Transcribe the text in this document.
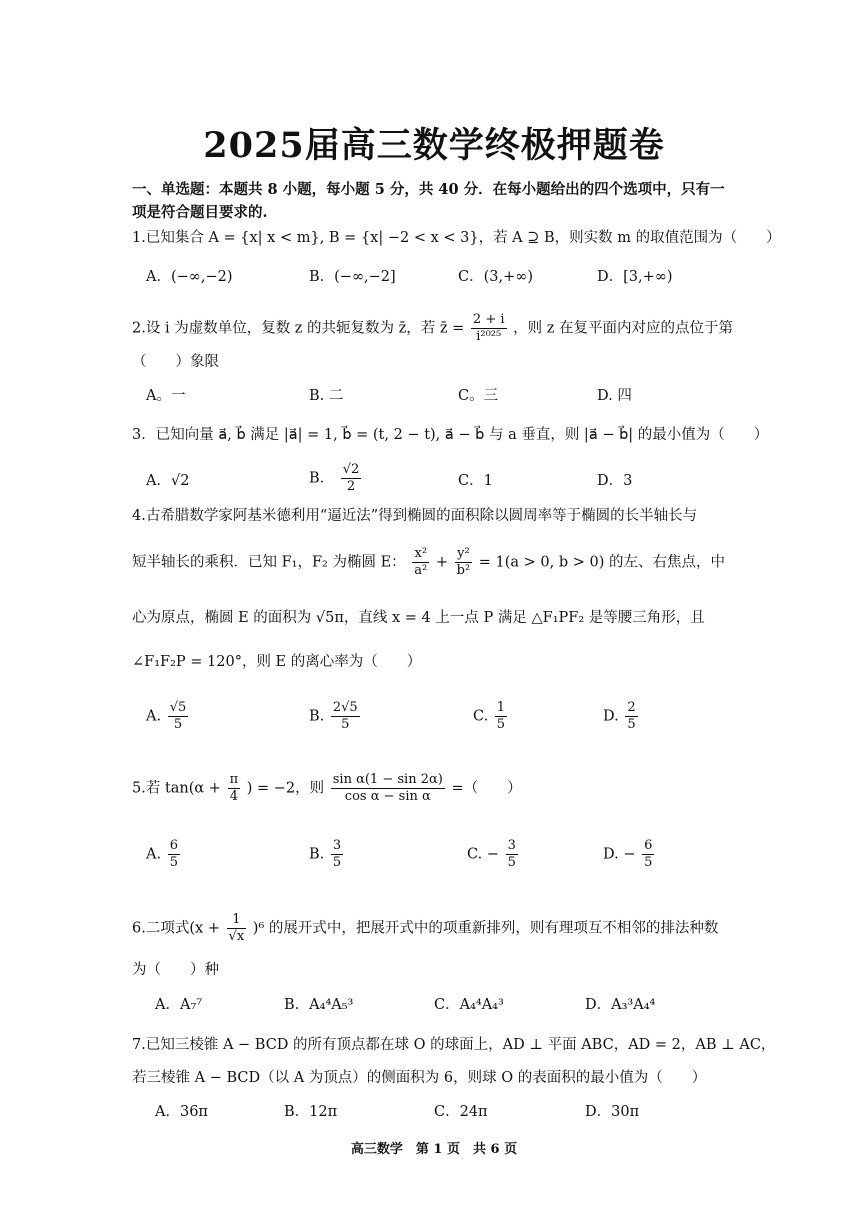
2025届高三数学终极押题卷
一、单选题：本题共 8 小题，每小题 5 分，共 40 分．在每小题给出的四个选项中，只有一
项是符合题目要求的.
1.已知集合 A = {x| x < m}, B = {x| −2 < x < 3}，若 A ⊇ B，则实数 m 的取值范围为（　　）
A．(−∞,−2)	B．(−∞,−2]	C．(3,+∞)	D．[3,+∞)
2.设 i 为虚数单位，复数 z 的共轭复数为 z̄，若 z̄ = $\frac{2 + i}{\text{i²⁰²⁵}}$ ，则 z 在复平面内对应的点位于第
（　　）象限
A。一	B. 二	C。三	D. 四
3．已知向量 a⃗, b⃗ 满足 |a⃗| = 1, b⃗ = (t, 2 − t), a⃗ − b⃗ 与 a 垂直，则 |a⃗ − b⃗| 的最小值为（　　）
A．√2	B． $\frac{√2}{2}$	C．1	D．3
4.古希腊数学家阿基米德利用“逼近法”得到椭圆的面积除以圆周率等于椭圆的长半轴长与
短半轴长的乘积．已知 F₁，F₂ 为椭圆 E： $\frac{\text{x²}}{\text{a²}} + \frac{\text{y²}}{\text{b²}} = 1(a > 0$, b > 0) 的左、右焦点，中
心为原点，椭圆 E 的面积为 √5π，直线 x = 4 上一点 P 满足 △F₁PF₂ 是等腰三角形，且
∠F₁F₂P = 120°，则 E 的离心率为（　　）
A. $\frac{√5}{5}$	B. $\frac{2√5}{5}$	C. $\frac{1}{5}$	D. $\frac{2}{5}$
5.若 $\tan(\alpha + \frac{\pi}{4}$ ) = −2，则 $\frac{\text{sin α(1 − sin 2α)}}{\text{cos α − sin α}}$ =（　　）
A. $\frac{6}{5}$	B. $\frac{3}{5}$	C. − $\frac{3}{5}$	D. − $\frac{6}{5}$
6.二项式$(x + \frac{1}{√x} )^6$ 的展开式中，把展开式中的项重新排列，则有理项互不相邻的排法种数
为（　　）种
A．A₇⁷	B．A₄⁴A₅³	C．A₄⁴A₄³	D．A₃³A₄⁴
7.已知三棱锥 A − BCD 的所有顶点都在球 O 的球面上，AD ⊥ 平面 ABC，AD = 2，AB ⊥ AC，
若三棱锥 A − BCD（以 A 为顶点）的侧面积为 6，则球 O 的表面积的最小值为（　　）
A．36π	B．12π	C．24π	D．30π
高三数学　第 1 页　共 6 页
